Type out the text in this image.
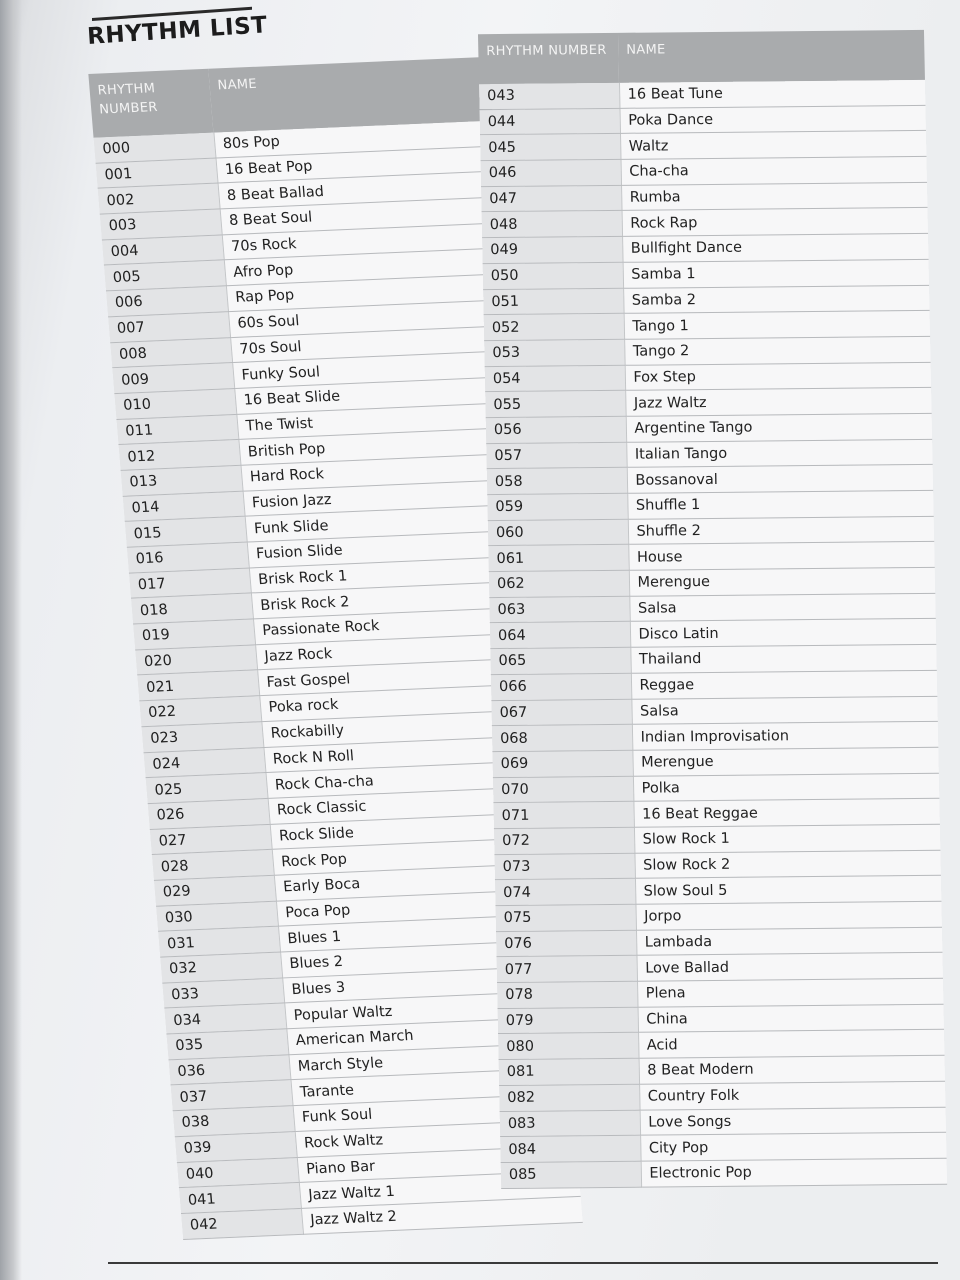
RHYTHM LIST
RHYTHM NUMBER	NAME
000	80s Pop
001	16 Beat Pop
002	8 Beat Ballad
003	8 Beat Soul
004	70s Rock
005	Afro Pop
006	Rap Pop
007	60s Soul
008	70s Soul
009	Funky Soul
010	16 Beat Slide
011	The Twist
012	British Pop
013	Hard Rock
014	Fusion Jazz
015	Funk Slide
016	Fusion Slide
017	Brisk Rock 1
018	Brisk Rock 2
019	Passionate Rock
020	Jazz Rock
021	Fast Gospel
022	Poka rock
023	Rockabilly
024	Rock N Roll
025	Rock Cha-cha
026	Rock Classic
027	Rock Slide
028	Rock Pop
029	Early Boca
030	Poca Pop
031	Blues 1
032	Blues 2
033	Blues 3
034	Popular Waltz
035	American March
036	March Style
037	Tarante
038	Funk Soul
039	Rock Waltz
040	Piano Bar
041	Jazz Waltz 1
042	Jazz Waltz 2
RHYTHM NUMBER	NAME
043	16 Beat Tune
044	Poka Dance
045	Waltz
046	Cha-cha
047	Rumba
048	Rock Rap
049	Bullfight Dance
050	Samba 1
051	Samba 2
052	Tango 1
053	Tango 2
054	Fox Step
055	Jazz Waltz
056	Argentine Tango
057	Italian Tango
058	Bossanoval
059	Shuffle 1
060	Shuffle 2
061	House
062	Merengue
063	Salsa
064	Disco Latin
065	Thailand
066	Reggae
067	Salsa
068	Indian Improvisation
069	Merengue
070	Polka
071	16 Beat Reggae
072	Slow Rock 1
073	Slow Rock 2
074	Slow Soul 5
075	Jorpo
076	Lambada
077	Love Ballad
078	Plena
079	China
080	Acid
081	8 Beat Modern
082	Country Folk
083	Love Songs
084	City Pop
085	Electronic Pop
